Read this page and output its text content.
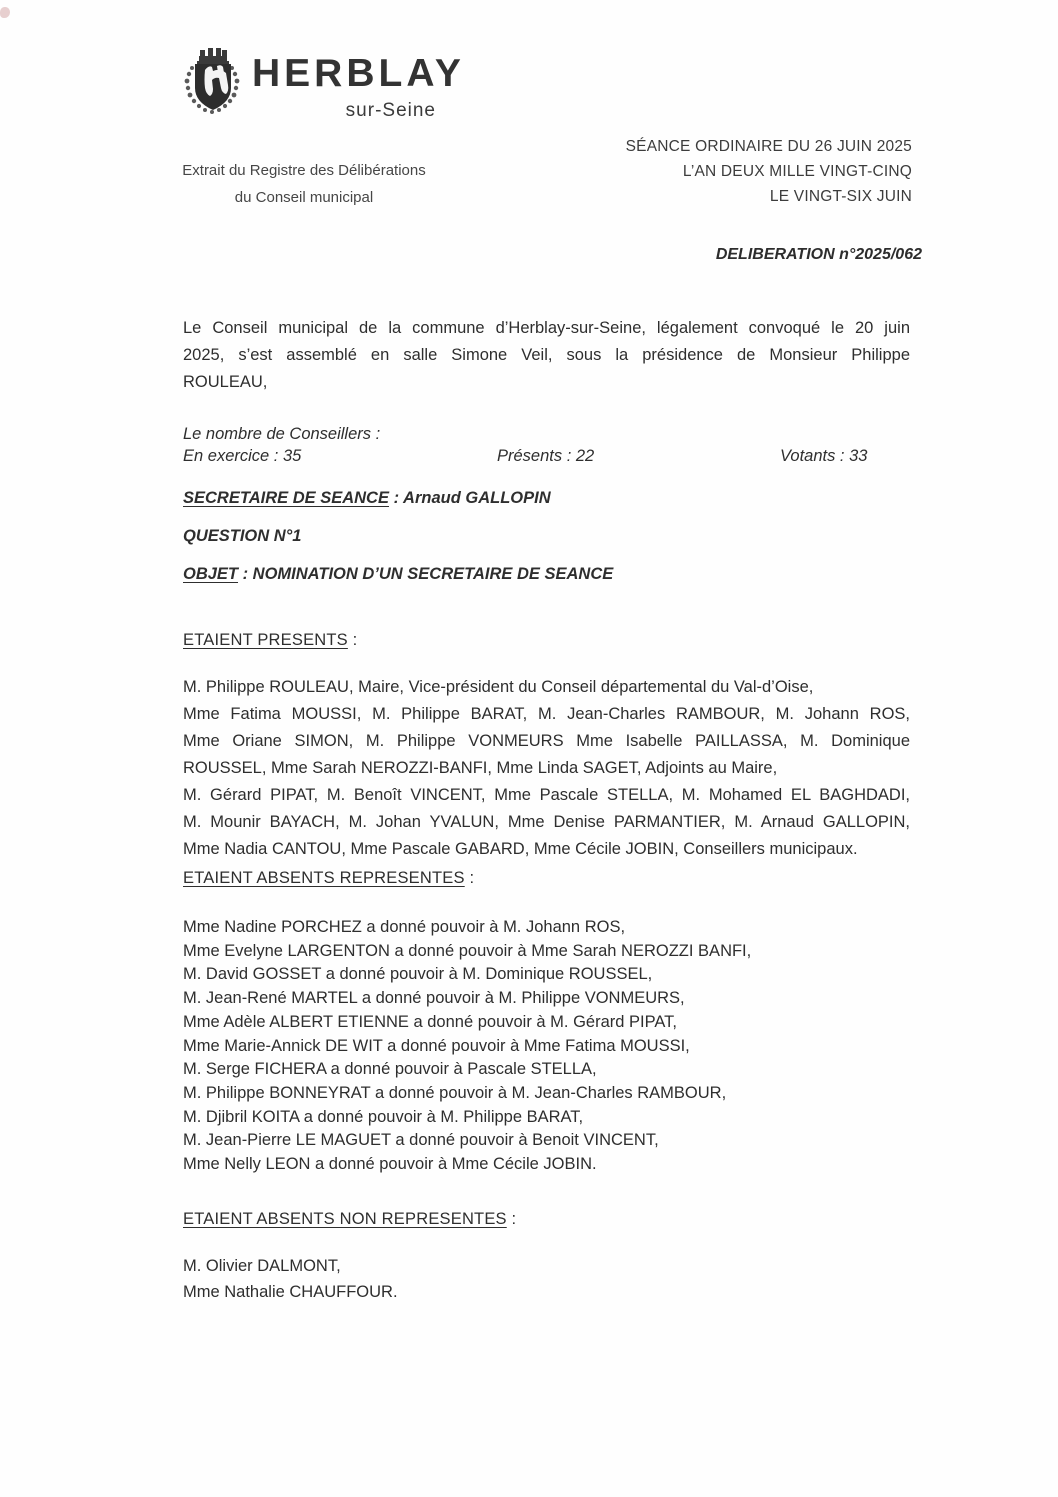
HERBLAY
sur-Seine
Extrait du Registre des Délibérations
du Conseil municipal
SÉANCE ORDINAIRE DU 26 JUIN 2025
L’AN DEUX MILLE VINGT-CINQ
LE VINGT-SIX JUIN
DELIBERATION n°2025/062
Le Conseil municipal de la commune d’Herblay-sur-Seine, légalement convoqué le 20 juin
2025, s’est assemblé en salle Simone Veil, sous la présidence de Monsieur Philippe
ROULEAU,
Le nombre de Conseillers :
En exercice : 35	Présents : 22	Votants : 33
SECRETAIRE DE SEANCE : Arnaud GALLOPIN
QUESTION N°1
OBJET : NOMINATION D’UN SECRETAIRE DE SEANCE
ETAIENT PRESENTS :
M. Philippe ROULEAU, Maire, Vice-président du Conseil départemental du Val-d’Oise,
Mme Fatima MOUSSI, M. Philippe BARAT, M. Jean-Charles RAMBOUR, M. Johann ROS,
Mme Oriane SIMON, M. Philippe VONMEURS Mme Isabelle PAILLASSA, M. Dominique
ROUSSEL, Mme Sarah NEROZZI-BANFI, Mme Linda SAGET, Adjoints au Maire,
M. Gérard PIPAT, M. Benoît VINCENT, Mme Pascale STELLA, M. Mohamed EL BAGHDADI,
M. Mounir BAYACH, M. Johan YVALUN, Mme Denise PARMANTIER, M. Arnaud GALLOPIN,
Mme Nadia CANTOU, Mme Pascale GABARD, Mme Cécile JOBIN, Conseillers municipaux.
ETAIENT ABSENTS REPRESENTES :
Mme Nadine PORCHEZ a donné pouvoir à M. Johann ROS,
Mme Evelyne LARGENTON a donné pouvoir à Mme Sarah NEROZZI BANFI,
M. David GOSSET a donné pouvoir à M. Dominique ROUSSEL,
M. Jean-René MARTEL a donné pouvoir à M. Philippe VONMEURS,
Mme Adèle ALBERT ETIENNE a donné pouvoir à M. Gérard PIPAT,
Mme Marie-Annick DE WIT a donné pouvoir à Mme Fatima MOUSSI,
M. Serge FICHERA a donné pouvoir à Pascale STELLA,
M. Philippe BONNEYRAT a donné pouvoir à M. Jean-Charles RAMBOUR,
M. Djibril KOITA a donné pouvoir à M. Philippe BARAT,
M. Jean-Pierre LE MAGUET a donné pouvoir à Benoit VINCENT,
Mme Nelly LEON a donné pouvoir à Mme Cécile JOBIN.
ETAIENT ABSENTS NON REPRESENTES :
M. Olivier DALMONT,
Mme Nathalie CHAUFFOUR.
